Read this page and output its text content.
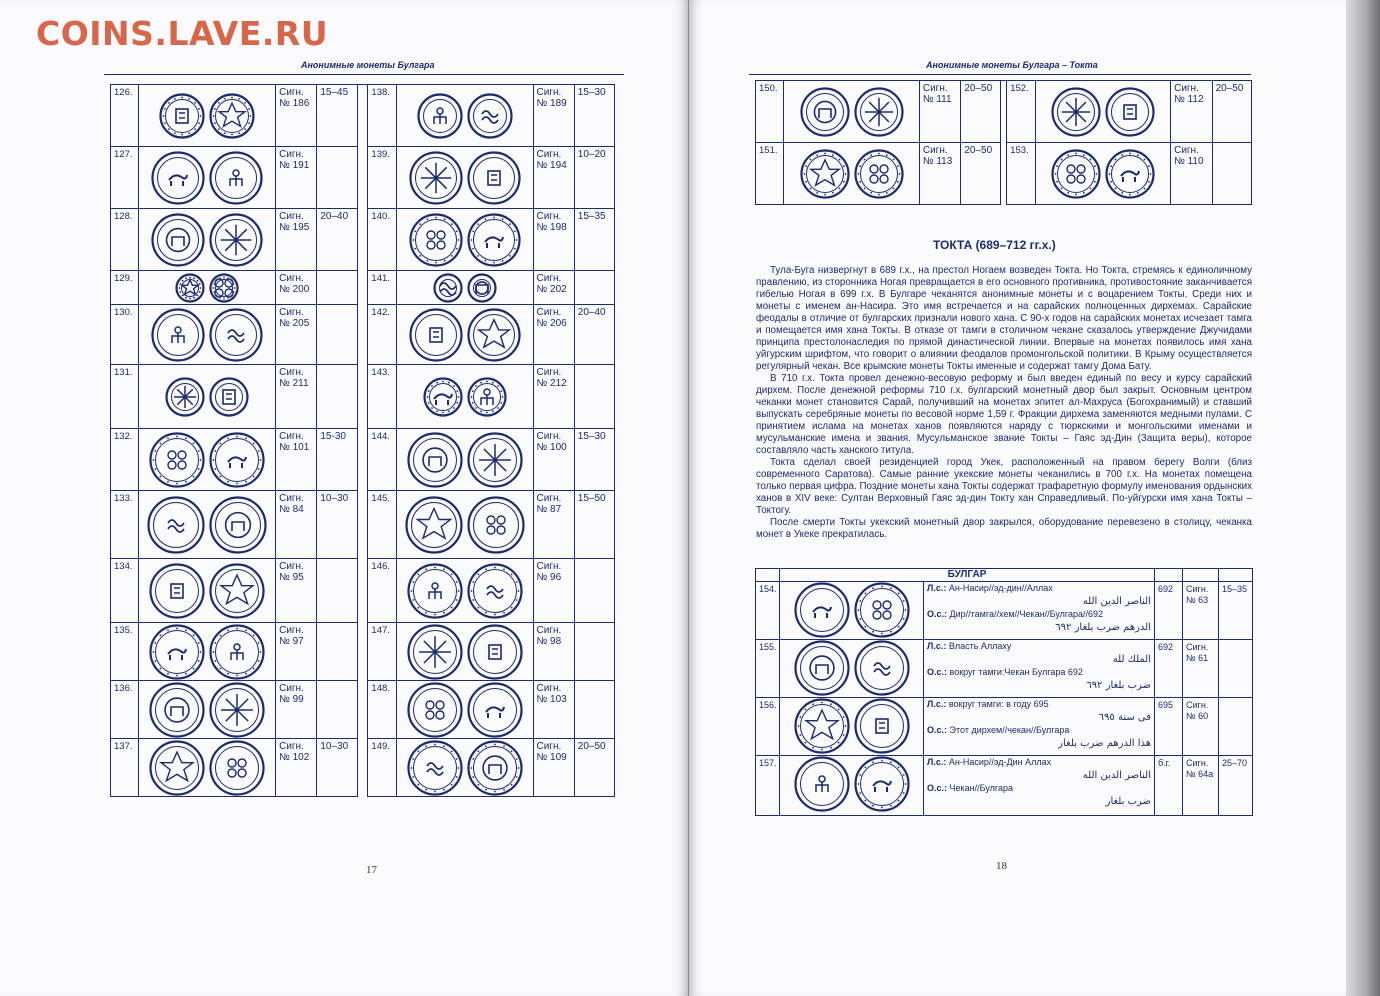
COINS.LAVE.RU
Анонимные монеты Булгара
126.		Сигн. № 186	15–45		138.		Сигн. № 189	15–30
127.		Сигн. № 191			139.		Сигн. № 194	10–20
128.		Сигн. № 195	20–40		140.		Сигн. № 198	15–35
129.		Сигн. № 200			141.		Сигн. № 202	
130.		Сигн. № 205			142.		Сигн. № 206	20–40
131.		Сигн. № 211			143.		Сигн. № 212	
132.		Сигн. № 101	15-30		144.		Сигн. № 100	15–30
133.		Сигн. № 84	10–30		145.		Сигн. № 87	15–50
134.		Сигн. № 95			146.		Сигн. № 96	
135.		Сигн. № 97			147.		Сигн. № 98	
136.		Сигн. № 99			148.		Сигн. № 103	
137.		Сигн. № 102	10–30		149.		Сигн. № 109	20–50
17
Анонимные монеты Булгара – Токта
18
150.		Сигн. № 111	20–50		152.		Сигн. № 112	20–50
151.		Сигн. № 113	20–50		153.		Сигн. № 110	
ТОКТА (689–712 гг.х.)

Тула-Буга низвергнут в 689 г.х., на престол Ногаем возведен Токта. Но Токта, стремясь к единоличному правлению, из сторонника Ногая превращается в его основного противника, противостояние заканчивается гибелью Ногая в 699 г.х. В Булгаре чеканятся анонимные монеты и с воцарением Токты. Среди них и монеты с именем ан-Насира. Это имя встречается и на сарайских полноценных дирхемах. Сарайские феодалы в отличие от булгарских признали нового хана. С 90-х годов на сарайских монетах исчезает тамга и помещается имя хана Токты. В отказе от тамги в столичном чекане сказалось утверждение Джучидами принципа престолонаследия по прямой династической линии. Впервые на монетах появилось имя хана уйгурским шрифтом, что говорит о влиянии феодалов промонгольской политики. В Крыму осуществляется регулярный чекан. Все крымские монеты Токты именные и содержат тамгу Дома Бату.

В 710 г.х. Токта провел денежно-весовую реформу и был введен единый по весу и курсу сарайский дирхем. После денежной реформы 710 г.х. булгарский монетный двор был закрыт. Основным центром чеканки монет становится Сарай, получивший на монетах эпитет ал-Махруса (Богохранимый) и ставший выпускать серебряные монеты по весовой норме 1,59 г. Фракции дирхема заменяются медными пулами. С принятием ислама на монетах ханов появляются наряду с тюркскими и монгольскими именами и мусульманские имена и звания. Мусульманское звание Токты – Гаяс эд-Дин (Защита веры), которое составляло часть ханского титула.

Токта сделал своей резиденцией город Укек, расположенный на правом берегу Волги (близ современного Саратова). Самые ранние укекские монеты чеканились в 700 г.х. На монетах помещена только первая цифра. Поздние монеты хана Токты содержат трафаретную формулу именования ордынских ханов в XIV веке: Султан Верховный Гаяс эд-дин Токту хан Справедливый. По-уйгурски имя хана Токты – Токтогу.

После смерти Токты укекский монетный двор закрылся, оборудование перевезено в столицу, чеканка монет в Укеке прекратилась.

	БУЛГАР				
154.		Л.с.: Ан-Насир//эд-дин//Аллах
الناصر الدين الله
О.с.: Дир//тамга//хем//Чекан//Булгара//692
الدرهم ضرب بلغار ٦٩٢	692	Сигн. № 63	15–35
155.		Л.с.: Власть Аллаху
الملك لله
О.с.: вокруг тамги:Чекан Булгара 692
ضرب بلغار ٦٩٢	692	Сигн. № 61	
156.		Л.с.: вокруг тамги: в году 695
فى سنة ٦٩٥
О.с.: Этот дирхем//чекан//Булгара
هذا الدرهم ضرب بلغار	695	Сигн. № 60	
157.		Л.с.: Ан-Насир//эд-Дин Аллах
الناصر الدين الله
О.с.: Чекан//Булгара
ضرب بلغار	б.г.	Сигн. № 64а	25–70
